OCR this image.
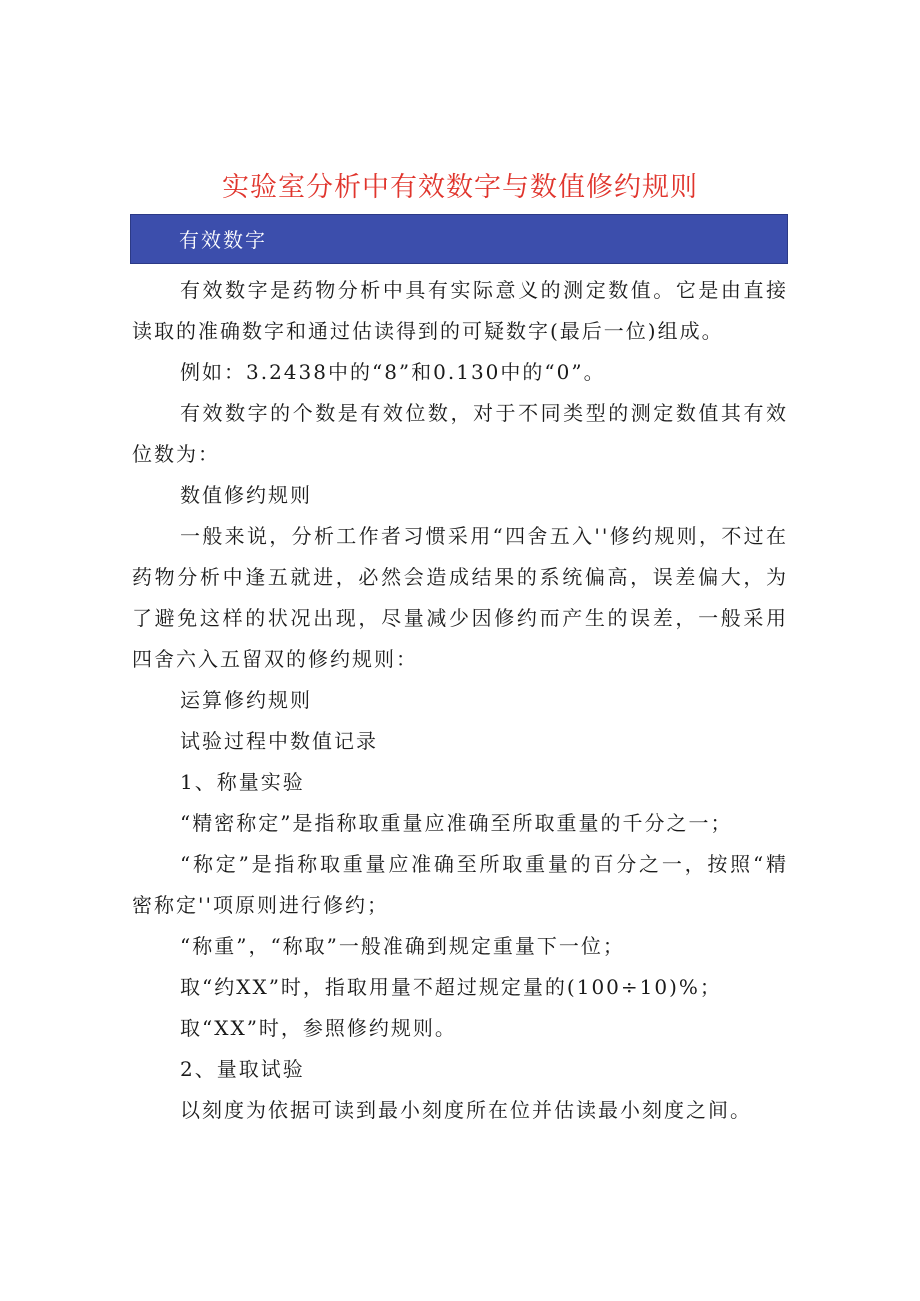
实验室分析中有效数字与数值修约规则
有效数字

有效数字是药物分析中具有实际意义的测定数值。它是由直接读取的准确数字和通过估读得到的可疑数字(最后一位)组成。

例如：3.2438中的“8”和0.130中的“0”。

有效数字的个数是有效位数，对于不同类型的测定数值其有效位数为：

数值修约规则

一般来说，分析工作者习惯采用“四舍五入''修约规则，不过在药物分析中逢五就进，必然会造成结果的系统偏高，误差偏大，为了避免这样的状况出现，尽量减少因修约而产生的误差，一般采用四舍六入五留双的修约规则：

运算修约规则

试验过程中数值记录

1、称量实验

“精密称定”是指称取重量应准确至所取重量的千分之一；

“称定”是指称取重量应准确至所取重量的百分之一，按照“精密称定''项原则进行修约；

“称重”，“称取”一般准确到规定重量下一位；

取“约XX”时，指取用量不超过规定量的(100÷10)%；

取“XX”时，参照修约规则。

2、量取试验

以刻度为依据可读到最小刻度所在位并估读最小刻度之间。
